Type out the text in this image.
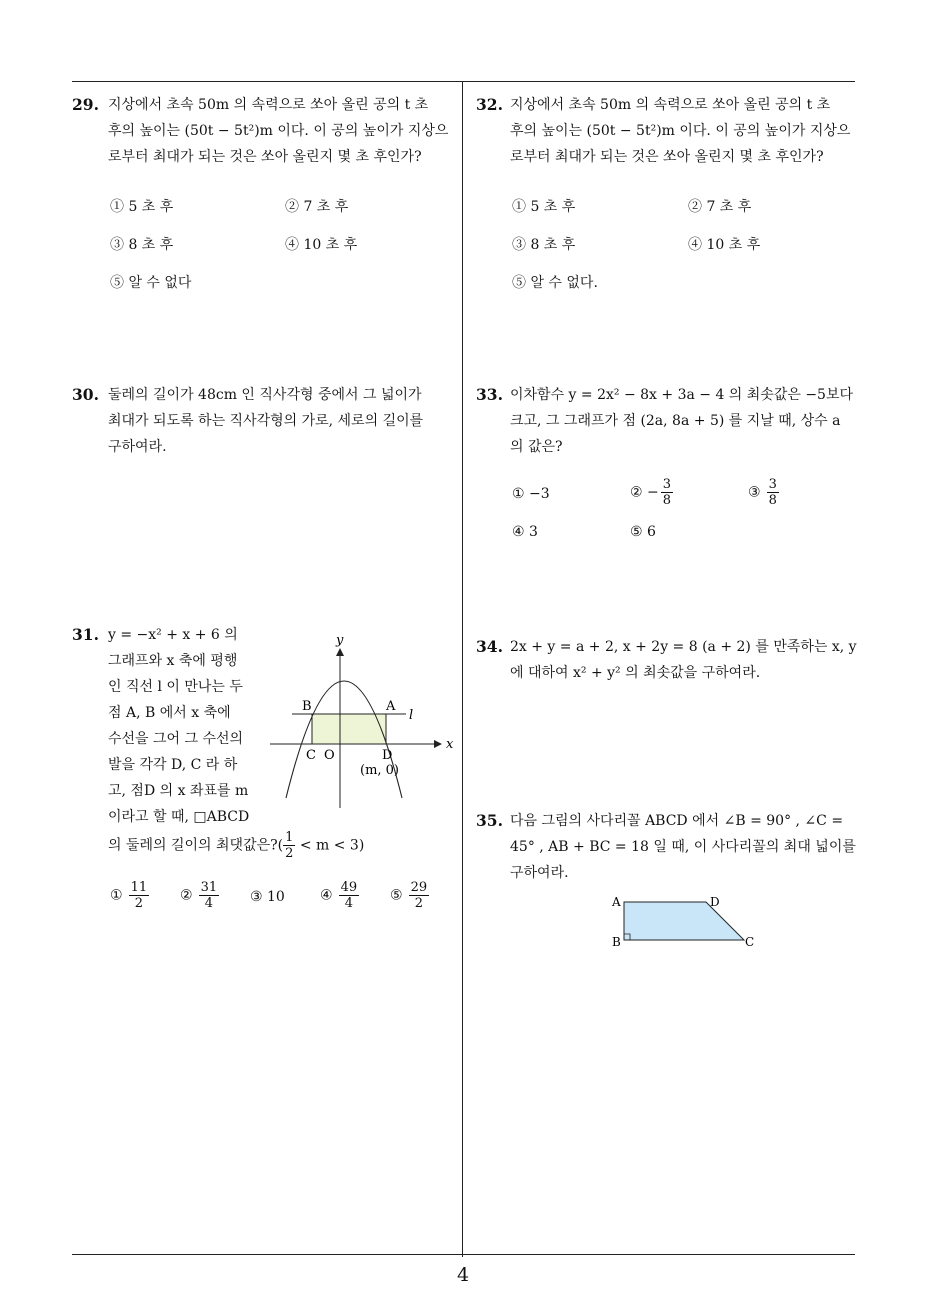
4
29. 지상에서 초속 50m 의 속력으로 쏘아 올린 공의 t 초
후의 높이는 (50t − 5t²)m 이다. 이 공의 높이가 지상으
로부터 최대가 되는 것은 쏘아 올린지 몇 초 후인가?
① 5 초 후	② 7 초 후
③ 8 초 후	④ 10 초 후
⑤ 알 수 없다
30. 둘레의 길이가 48cm 인 직사각형 중에서 그 넓이가
최대가 되도록 하는 직사각형의 가로, 세로의 길이를
구하여라.
31. y = −x² + x + 6 의
그래프와 x 축에 평행
인 직선 l 이 만나는 두
점 A, B 에서 x 축에
수선을 그어 그 수선의
발을 각각 D, C 라 하
고, 점D 의 x 좌표를 m
이라고 할 때, □ABCD
의 둘레의 길이의 최댓값은?( $\frac{1}{2} < m < 3$)
y
x
B	A
l
C O	D
(m, 0)
① $\frac{11}{2}$ ② $\frac{31}{4}$ ③ 10	④ $\frac{49}{4}$ ⑤ $\frac{29}{2}$
32. 지상에서 초속 50m 의 속력으로 쏘아 올린 공의 t 초
후의 높이는 (50t − 5t²)m 이다. 이 공의 높이가 지상으
로부터 최대가 되는 것은 쏘아 올린지 몇 초 후인가?
① 5 초 후	② 7 초 후
③ 8 초 후	④ 10 초 후
⑤ 알 수 없다.
33. 이차함수 y = 2x² − 8x + 3a − 4 의 최솟값은 −5보다
크고, 그 그래프가 점 (2a, 8a + 5) 를 지날 때, 상수 a
의 값은?
① −3	② − $\frac{3}{8}$	③ $\frac{3}{8}$
④ 3	⑤ 6
34. 2x + y = a + 2, x + 2y = 8 (a + 2) 를 만족하는 x, y
에 대하여 x² + y² 의 최솟값을 구하여라.
35. 다음 그림의 사다리꼴 ABCD 에서 ∠B = 90° , ∠C =
45° , AB + BC = 18 일 때, 이 사다리꼴의 최대 넓이를
구하여라.
A	D
B	C
